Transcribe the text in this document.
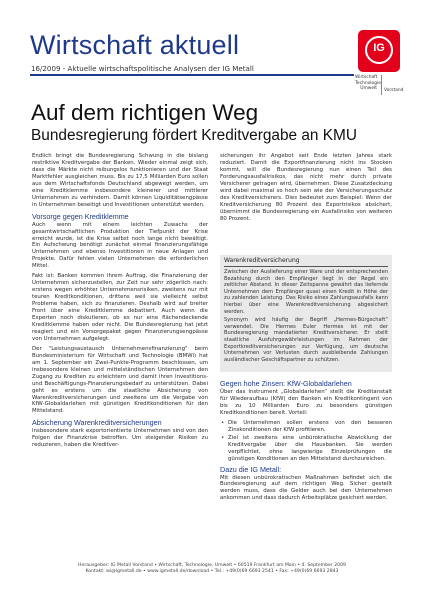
Wirtschaft aktuell
16/2009 - Aktuelle wirtschaftspolitische Analysen der IG Metall
IG
Wirtschaft
Technologie
Umwelt Vorstand
Auf dem richtigen Weg
Bundesregierung fördert Kreditvergabe an KMU

Endlich bringt die Bundesregierung Schwung in die bislang restriktive Kreditvergabe der Banken. Wieder einmal zeigt sich, dass die Märkte nicht reibungslos funktionieren und der Staat Marktfehler ausgleichen muss. Bis zu 17,5 Milliarden Euro sollen aus dem Wirtschaftsfonds Deutschland abgewegt werden, um eine Kreditklemme insbesondere kleinerer und mittlerer Unternehmen zu verhindern. Damit können Liquiditätsengpässe in Unternehmen beseitigt und Investitionen unterstützt werden.

Vorsorge gegen Kreditklemme

Auch wenn mit einem leichten Zuwachs der gesamtwirtschaftlichen Produktion der Tiefpunkt der Krise erreicht wurde, ist die Krise selbst noch lange nicht bewältigt. Ein Aufschwung benötigt zunächst einmal finanzierungsfähige Unternehmen und ebenso Investitionen in neue Anlagen und Projekte. Dafür fehlen vielen Unternehmen die erforderlichen Mittel.

Fakt ist: Banken kommen ihrem Auftrag, die Finanzierung der Unternehmen sicherzustellen, zur Zeit nur sehr zögerlich nach: erstens wegen erhöhter Unternehmensrisiken, zweitens nur mit teuren Kreditkonditionen, drittens weil sie vielleicht selbst Probleme haben, sich zu finanzieren. Deshalb wird auf breiter Front über eine Kreditklemme debattiert. Auch wenn die Experten noch diskutieren, ob es nur eine flächendeckende Kreditklemme haben oder nicht. Die Bundesregierung hat jetzt reagiert und ein Vorsorgepaket gegen Finanzierungsengpässe von Unternehmen aufgelegt.

Der "Leistungsaustausch Unternehmensfinanzierung" beim Bundesministerium für Wirtschaft und Technologie (BMWi) hat am 1. September ein Zwei-Punkte-Programm beschlossen, um insbesondere kleinen und mittelständischen Unternehmen den Zugang zu Krediten zu erleichtern und damit ihren Investitions- und Beschäftigungs-Finanzierungsbedarf zu unterstützen. Dabei geht es erstens um die staatliche Absicherung von Warenkreditversicherungen und zweitens um die Vergabe von KfW-Globaldarlehen mit günstigen Kreditkonditionen für den Mittelstand.

Absicherung Warenkreditversicherungen

Insbesondere stark exportorientierte Unternehmen sind von den Folgen der Finanzkrise betroffen. Um steigender Risiken zu reduzieren, haben die Kreditver-

sicherungen ihr Angebot seit Ende letzten Jahres stark reduziert. Damit die Exportfinanzierung nicht ins Stocken kommt, will die Bundesregierung nun einen Teil des Forderungsausfallrisikos, das nicht mehr durch private Versicherer getragen wird, übernehmen. Diese Zusatzdeckung wird dabei maximal so hoch sein wie der Versicherungsschutz des Kreditversicherers. Dies bedeutet zum Beispiel: Wenn der Kreditversicherung 80 Prozent des Exportrisikos absichert, übernimmt die Bundesregierung ein Ausfallrisiko von weiteren 80 Prozent.

Warenkreditversicherung

Zwischen der Auslieferung einer Ware und der entsprechenden Bezahlung durch den Empfänger liegt in der Regel ein zeitlicher Abstand. In dieser Zeitspanne gewährt das liefernde Unternehmen dem Empfänger quasi einen Kredit in Höhe der zu zahlenden Leistung. Das Risiko eines Zahlungsausfalls kann hierbei über eine Warenkreditversicherung abgesichert werden.

Synonym wird häufig der Begriff „Hermes-Bürgschaft“ verwendet. Die Hermes Euler Hermes ist mit der Bundesregierung mandatierter Kreditversicherer. Er stellt staatliche Ausfuhrgewährleistungen im Rahmen der Exportkreditversicherungen zur Verfügung, um deutsche Unternehmen vor Verlusten durch ausbleibende Zahlungen ausländischer Geschäftspartner zu schützen.

Gegen hohe Zinsen: KfW-Globaldarlehen

Über das Instrument „Globaldarlehen“ stellt die Kreditanstalt für Wiederaufbau (KfW) den Banken ein Kreditkontingent von bis zu 10 Milliarden Euro zu besonders günstigen Kreditkonditionen bereit. Vorteil:

• Die Unternehmen sollen erstens von den besseren Zinskonditionen der KfW profitieren.
• Ziel ist zweitens eine unbürokratische Abwicklung der Kreditvergabe über die Hausbanken. Sie werden verpflichtet, ohne langwierige Einzelprüfungen die günstigen Konditionen an den Mittelstand durchzureichen.
Dazu die IG Metall:

Mit diesen unbürokratischen Maßnahmen befindet sich die Bundesregierung auf dem richtigen Weg. Sicher gestellt werden muss, dass die Gelder auch bei den Unternehmen ankommen und dass dadurch Arbeitsplätze gesichert werden.

Herausgeber: IG Metall Vorstand • Wirtschaft, Technologie, Umwelt • 60519 Frankfurt am Main • 4. September 2009
Kontakt: wi@igmetall.de • www.igmetall.de/download • Tel.: +49(0)69 6693 2541 • Fax: +49(0)69 6693 2843
